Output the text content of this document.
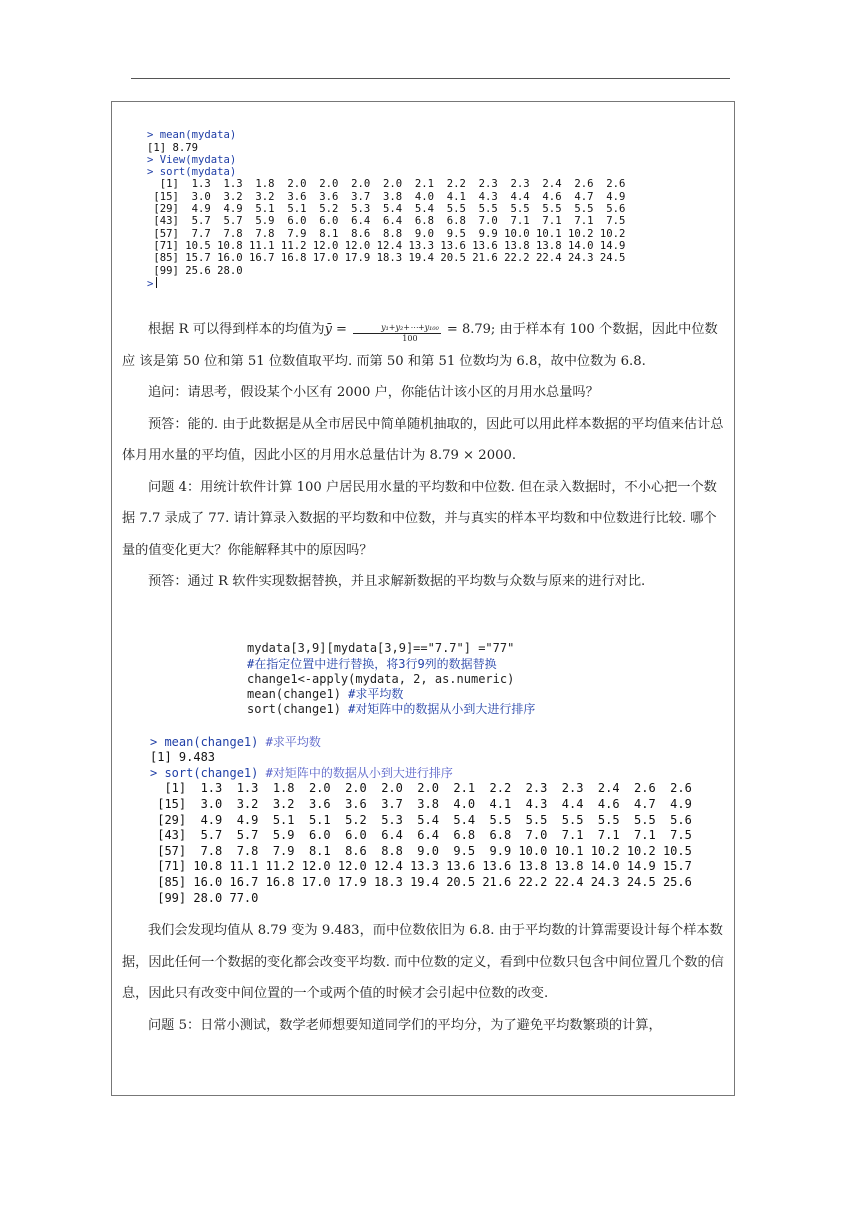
> mean(mydata)
[1] 8.79
> View(mydata)
> sort(mydata)
[1]  1.3  1.3  1.8  2.0  2.0  2.0  2.0  2.1  2.2  2.3  2.3  2.4  2.6  2.6
[15]  3.0  3.2  3.2  3.6  3.6  3.7  3.8  4.0  4.1  4.3  4.4  4.6  4.7  4.9
[29]  4.9  4.9  5.1  5.1  5.2  5.3  5.4  5.4  5.5  5.5  5.5  5.5  5.5  5.6
[43]  5.7  5.7  5.9  6.0  6.0  6.4  6.4  6.8  6.8  7.0  7.1  7.1  7.1  7.5
[57]  7.7  7.8  7.8  7.9  8.1  8.6  8.8  9.0  9.5  9.9 10.0 10.1 10.2 10.2
[71] 10.5 10.8 11.1 11.2 12.0 12.0 12.4 13.3 13.6 13.6 13.8 13.8 14.0 14.9
[85] 15.7 16.0 16.7 16.8 17.0 17.9 18.3 19.4 20.5 21.6 22.2 22.4 24.3 24.5
[99] 25.6 28.0
>

根据 R 可以得到样本的均值为ȳ = $\frac{\text{y₁+y₂+⋯+y₁₀₀}}{100} = 8.79$; 由于样本有 100 个数据，因此中位数应 该是第 50 位和第 51 位数值取平均. 而第 50 和第 51 位数均为 6.8，故中位数为 6.8.

追问：请思考，假设某个小区有 2000 户，你能估计该小区的月用水总量吗？

预答：能的. 由于此数据是从全市居民中简单随机抽取的，因此可以用此样本数据的平均值来估计总体月用水量的平均值，因此小区的月用水总量估计为 8.79 × 2000.

问题 4：用统计软件计算 100 户居民用水量的平均数和中位数. 但在录入数据时，不小心把一个数据 7.7 录成了 77. 请计算录入数据的平均数和中位数，并与真实的样本平均数和中位数进行比较. 哪个量的值变化更大？你能解释其中的原因吗？

预答：通过 R 软件实现数据替换，并且求解新数据的平均数与众数与原来的进行对比.

mydata[3,9][mydata[3,9]=="7.7"] ="77"
#在指定位置中进行替换，将3行9列的数据替换
change1<-apply(mydata, 2, as.numeric)
mean(change1) #求平均数
sort(change1) #对矩阵中的数据从小到大进行排序

> mean(change1) #求平均数
[1] 9.483
> sort(change1) #对矩阵中的数据从小到大进行排序
[1]  1.3  1.3  1.8  2.0  2.0  2.0  2.0  2.1  2.2  2.3  2.3  2.4  2.6  2.6
[15]  3.0  3.2  3.2  3.6  3.6  3.7  3.8  4.0  4.1  4.3  4.4  4.6  4.7  4.9
[29]  4.9  4.9  5.1  5.1  5.2  5.3  5.4  5.4  5.5  5.5  5.5  5.5  5.5  5.6
[43]  5.7  5.7  5.9  6.0  6.0  6.4  6.4  6.8  6.8  7.0  7.1  7.1  7.1  7.5
[57]  7.8  7.8  7.9  8.1  8.6  8.8  9.0  9.5  9.9 10.0 10.1 10.2 10.2 10.5
[71] 10.8 11.1 11.2 12.0 12.0 12.4 13.3 13.6 13.6 13.8 13.8 14.0 14.9 15.7
[85] 16.0 16.7 16.8 17.0 17.9 18.3 19.4 20.5 21.6 22.2 22.4 24.3 24.5 25.6
[99] 28.0 77.0

我们会发现均值从 8.79 变为 9.483，而中位数依旧为 6.8. 由于平均数的计算需要设计每个样本数据，因此任何一个数据的变化都会改变平均数. 而中位数的定义，看到中位数只包含中间位置几个数的信息，因此只有改变中间位置的一个或两个值的时候才会引起中位数的改变.

问题 5：日常小测试，数学老师想要知道同学们的平均分，为了避免平均数繁琐的计算，
